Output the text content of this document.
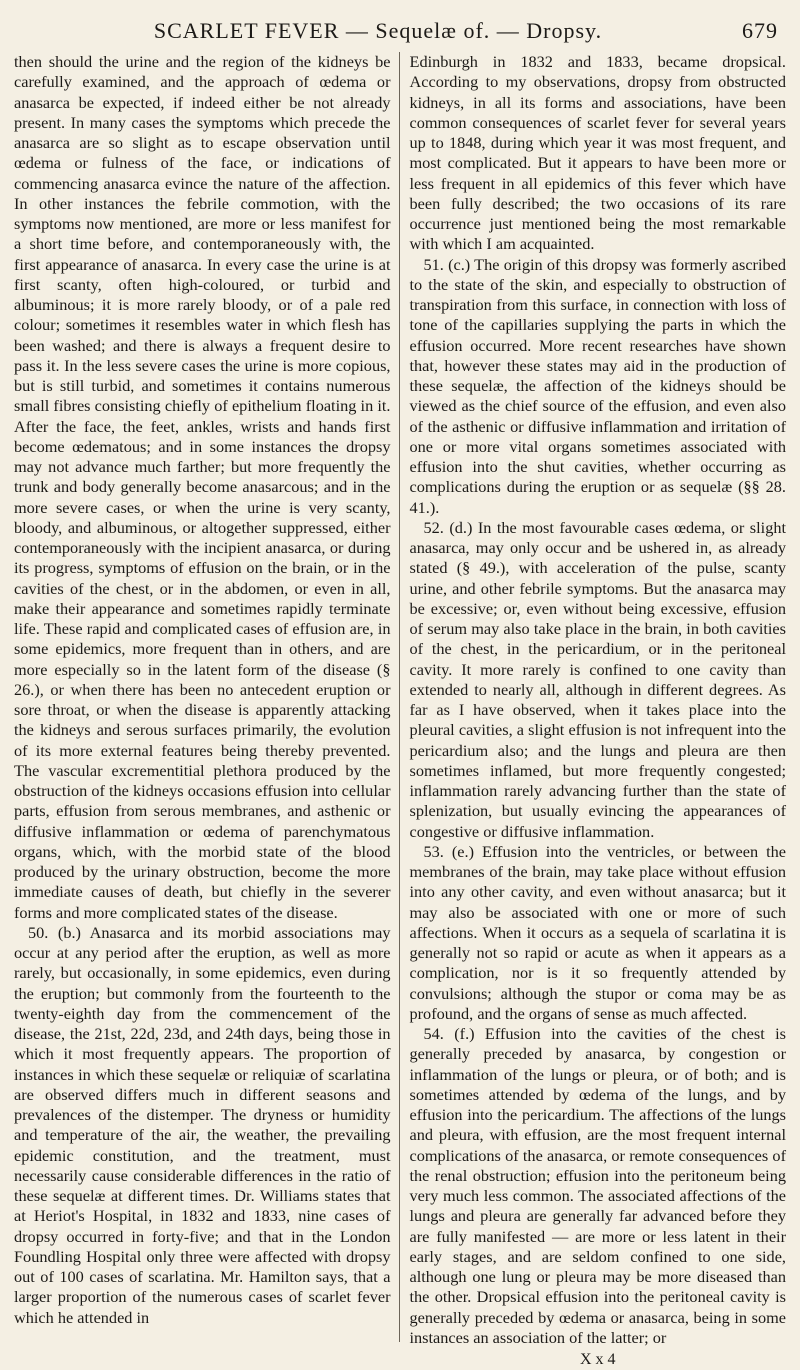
SCARLET FEVER — Sequelæ of. — Dropsy.	679

then should the urine and the region of the kidneys be carefully examined, and the approach of œdema or anasarca be expected, if indeed either be not already present. In many cases the symptoms which precede the anasarca are so slight as to escape observation until œdema or fulness of the face, or indications of commencing anasarca evince the nature of the affection. In other instances the febrile commotion, with the symptoms now mentioned, are more or less manifest for a short time before, and contemporaneously with, the first appearance of anasarca. In every case the urine is at first scanty, often high-coloured, or turbid and albuminous; it is more rarely bloody, or of a pale red colour; sometimes it resembles water in which flesh has been washed; and there is always a frequent desire to pass it. In the less severe cases the urine is more copious, but is still turbid, and sometimes it contains numerous small fibres consisting chiefly of epithelium floating in it. After the face, the feet, ankles, wrists and hands first become œdematous; and in some instances the dropsy may not advance much farther; but more frequently the trunk and body generally become anasarcous; and in the more severe cases, or when the urine is very scanty, bloody, and albuminous, or altogether suppressed, either contemporaneously with the incipient anasarca, or during its progress, symptoms of effusion on the brain, or in the cavities of the chest, or in the abdomen, or even in all, make their appearance and sometimes rapidly terminate life. These rapid and complicated cases of effusion are, in some epidemics, more frequent than in others, and are more especially so in the latent form of the disease (§ 26.), or when there has been no antecedent eruption or sore throat, or when the disease is apparently attacking the kidneys and serous surfaces primarily, the evolution of its more external features being thereby prevented. The vascular excrementitial plethora produced by the obstruction of the kidneys occasions effusion into cellular parts, effusion from serous membranes, and asthenic or diffusive inflammation or œdema of parenchymatous organs, which, with the morbid state of the blood produced by the urinary obstruction, become the more immediate causes of death, but chiefly in the severer forms and more complicated states of the disease.

50. (b.) Anasarca and its morbid associations may occur at any period after the eruption, as well as more rarely, but occasionally, in some epidemics, even during the eruption; but commonly from the fourteenth to the twenty-eighth day from the commencement of the disease, the 21st, 22d, 23d, and 24th days, being those in which it most frequently appears. The proportion of instances in which these sequelæ or reliquiæ of scarlatina are observed differs much in different seasons and prevalences of the distemper. The dryness or humidity and temperature of the air, the weather, the prevailing epidemic constitution, and the treatment, must necessarily cause considerable differences in the ratio of these sequelæ at different times. Dr. Williams states that at Heriot's Hospital, in 1832 and 1833, nine cases of dropsy occurred in forty-five; and that in the London Foundling Hospital only three were affected with dropsy out of 100 cases of scarlatina. Mr. Hamilton says, that a larger proportion of the numerous cases of scarlet fever which he attended in

Edinburgh in 1832 and 1833, became dropsical. According to my observations, dropsy from obstructed kidneys, in all its forms and associations, have been common consequences of scarlet fever for several years up to 1848, during which year it was most frequent, and most complicated. But it appears to have been more or less frequent in all epidemics of this fever which have been fully described; the two occasions of its rare occurrence just mentioned being the most remarkable with which I am acquainted.

51. (c.) The origin of this dropsy was formerly ascribed to the state of the skin, and especially to obstruction of transpiration from this surface, in connection with loss of tone of the capillaries supplying the parts in which the effusion occurred. More recent researches have shown that, however these states may aid in the production of these sequelæ, the affection of the kidneys should be viewed as the chief source of the effusion, and even also of the asthenic or diffusive inflammation and irritation of one or more vital organs sometimes associated with effusion into the shut cavities, whether occurring as complications during the eruption or as sequelæ (§§ 28. 41.).

52. (d.) In the most favourable cases œdema, or slight anasarca, may only occur and be ushered in, as already stated (§ 49.), with acceleration of the pulse, scanty urine, and other febrile symptoms. But the anasarca may be excessive; or, even without being excessive, effusion of serum may also take place in the brain, in both cavities of the chest, in the pericardium, or in the peritoneal cavity. It more rarely is confined to one cavity than extended to nearly all, although in different degrees. As far as I have observed, when it takes place into the pleural cavities, a slight effusion is not infrequent into the pericardium also; and the lungs and pleura are then sometimes inflamed, but more frequently congested; inflammation rarely advancing further than the state of splenization, but usually evincing the appearances of congestive or diffusive inflammation.

53. (e.) Effusion into the ventricles, or between the membranes of the brain, may take place without effusion into any other cavity, and even without anasarca; but it may also be associated with one or more of such affections. When it occurs as a sequela of scarlatina it is generally not so rapid or acute as when it appears as a complication, nor is it so frequently attended by convulsions; although the stupor or coma may be as profound, and the organs of sense as much affected.

54. (f.) Effusion into the cavities of the chest is generally preceded by anasarca, by congestion or inflammation of the lungs or pleura, or of both; and is sometimes attended by œdema of the lungs, and by effusion into the pericardium. The affections of the lungs and pleura, with effusion, are the most frequent internal complications of the anasarca, or remote consequences of the renal obstruction; effusion into the peritoneum being very much less common. The associated affections of the lungs and pleura are generally far advanced before they are fully manifested — are more or less latent in their early stages, and are seldom confined to one side, although one lung or pleura may be more diseased than the other. Dropsical effusion into the peritoneal cavity is generally preceded by œdema or anasarca, being in some instances an association of the latter; or

X x 4
